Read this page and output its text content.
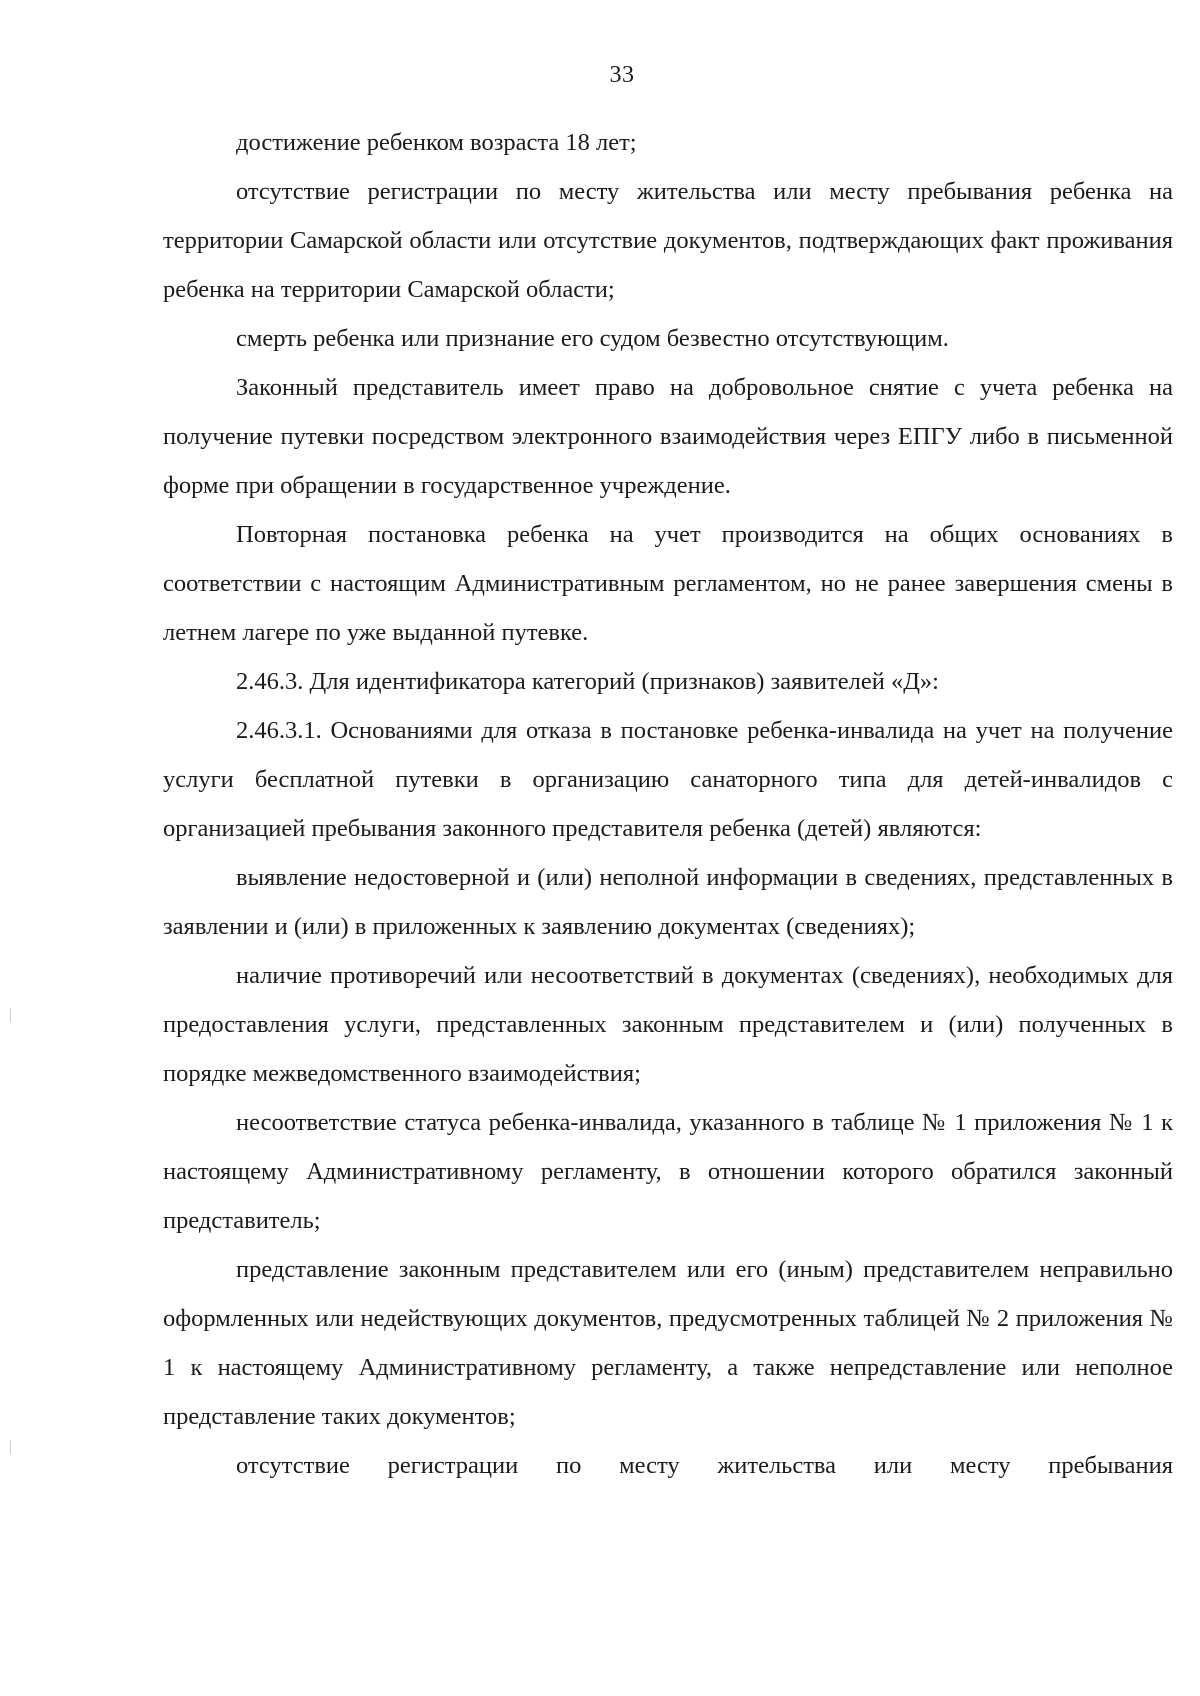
33

достижение ребенком возраста 18 лет;

отсутствие регистрации по месту жительства или месту пребывания ребенка на территории Самарской области или отсутствие документов, подтверждающих факт проживания ребенка на территории Самарской области;

смерть ребенка или признание его судом безвестно отсутствующим.

Законный представитель имеет право на добровольное снятие с учета ребенка на получение путевки посредством электронного взаимодействия через ЕПГУ либо в письменной форме при обращении в государственное учреждение.

Повторная постановка ребенка на учет производится на общих основаниях в соответствии с настоящим Административным регламентом, но не ранее завершения смены в летнем лагере по уже выданной путевке.

2.46.3. Для идентификатора категорий (признаков) заявителей «Д»:

2.46.3.1. Основаниями для отказа в постановке ребенка-инвалида на учет на получение услуги бесплатной путевки в организацию санаторного типа для детей-инвалидов с организацией пребывания законного представителя ребенка (детей) являются:

выявление недостоверной и (или) неполной информации в сведениях, представленных в заявлении и (или) в приложенных к заявлению документах (сведениях);

наличие противоречий или несоответствий в документах (сведениях), необходимых для предоставления услуги, представленных законным представителем и (или) полученных в порядке межведомственного взаимодействия;

несоответствие статуса ребенка-инвалида, указанного в таблице № 1 приложения № 1 к настоящему Административному регламенту, в отношении которого обратился законный представитель;

представление законным представителем или его (иным) представителем неправильно оформленных или недействующих документов, предусмотренных таблицей № 2 приложения № 1 к настоящему Административному регламенту, а также непредставление или неполное представление таких документов;

отсутствие регистрации по месту жительства или месту пребывания
